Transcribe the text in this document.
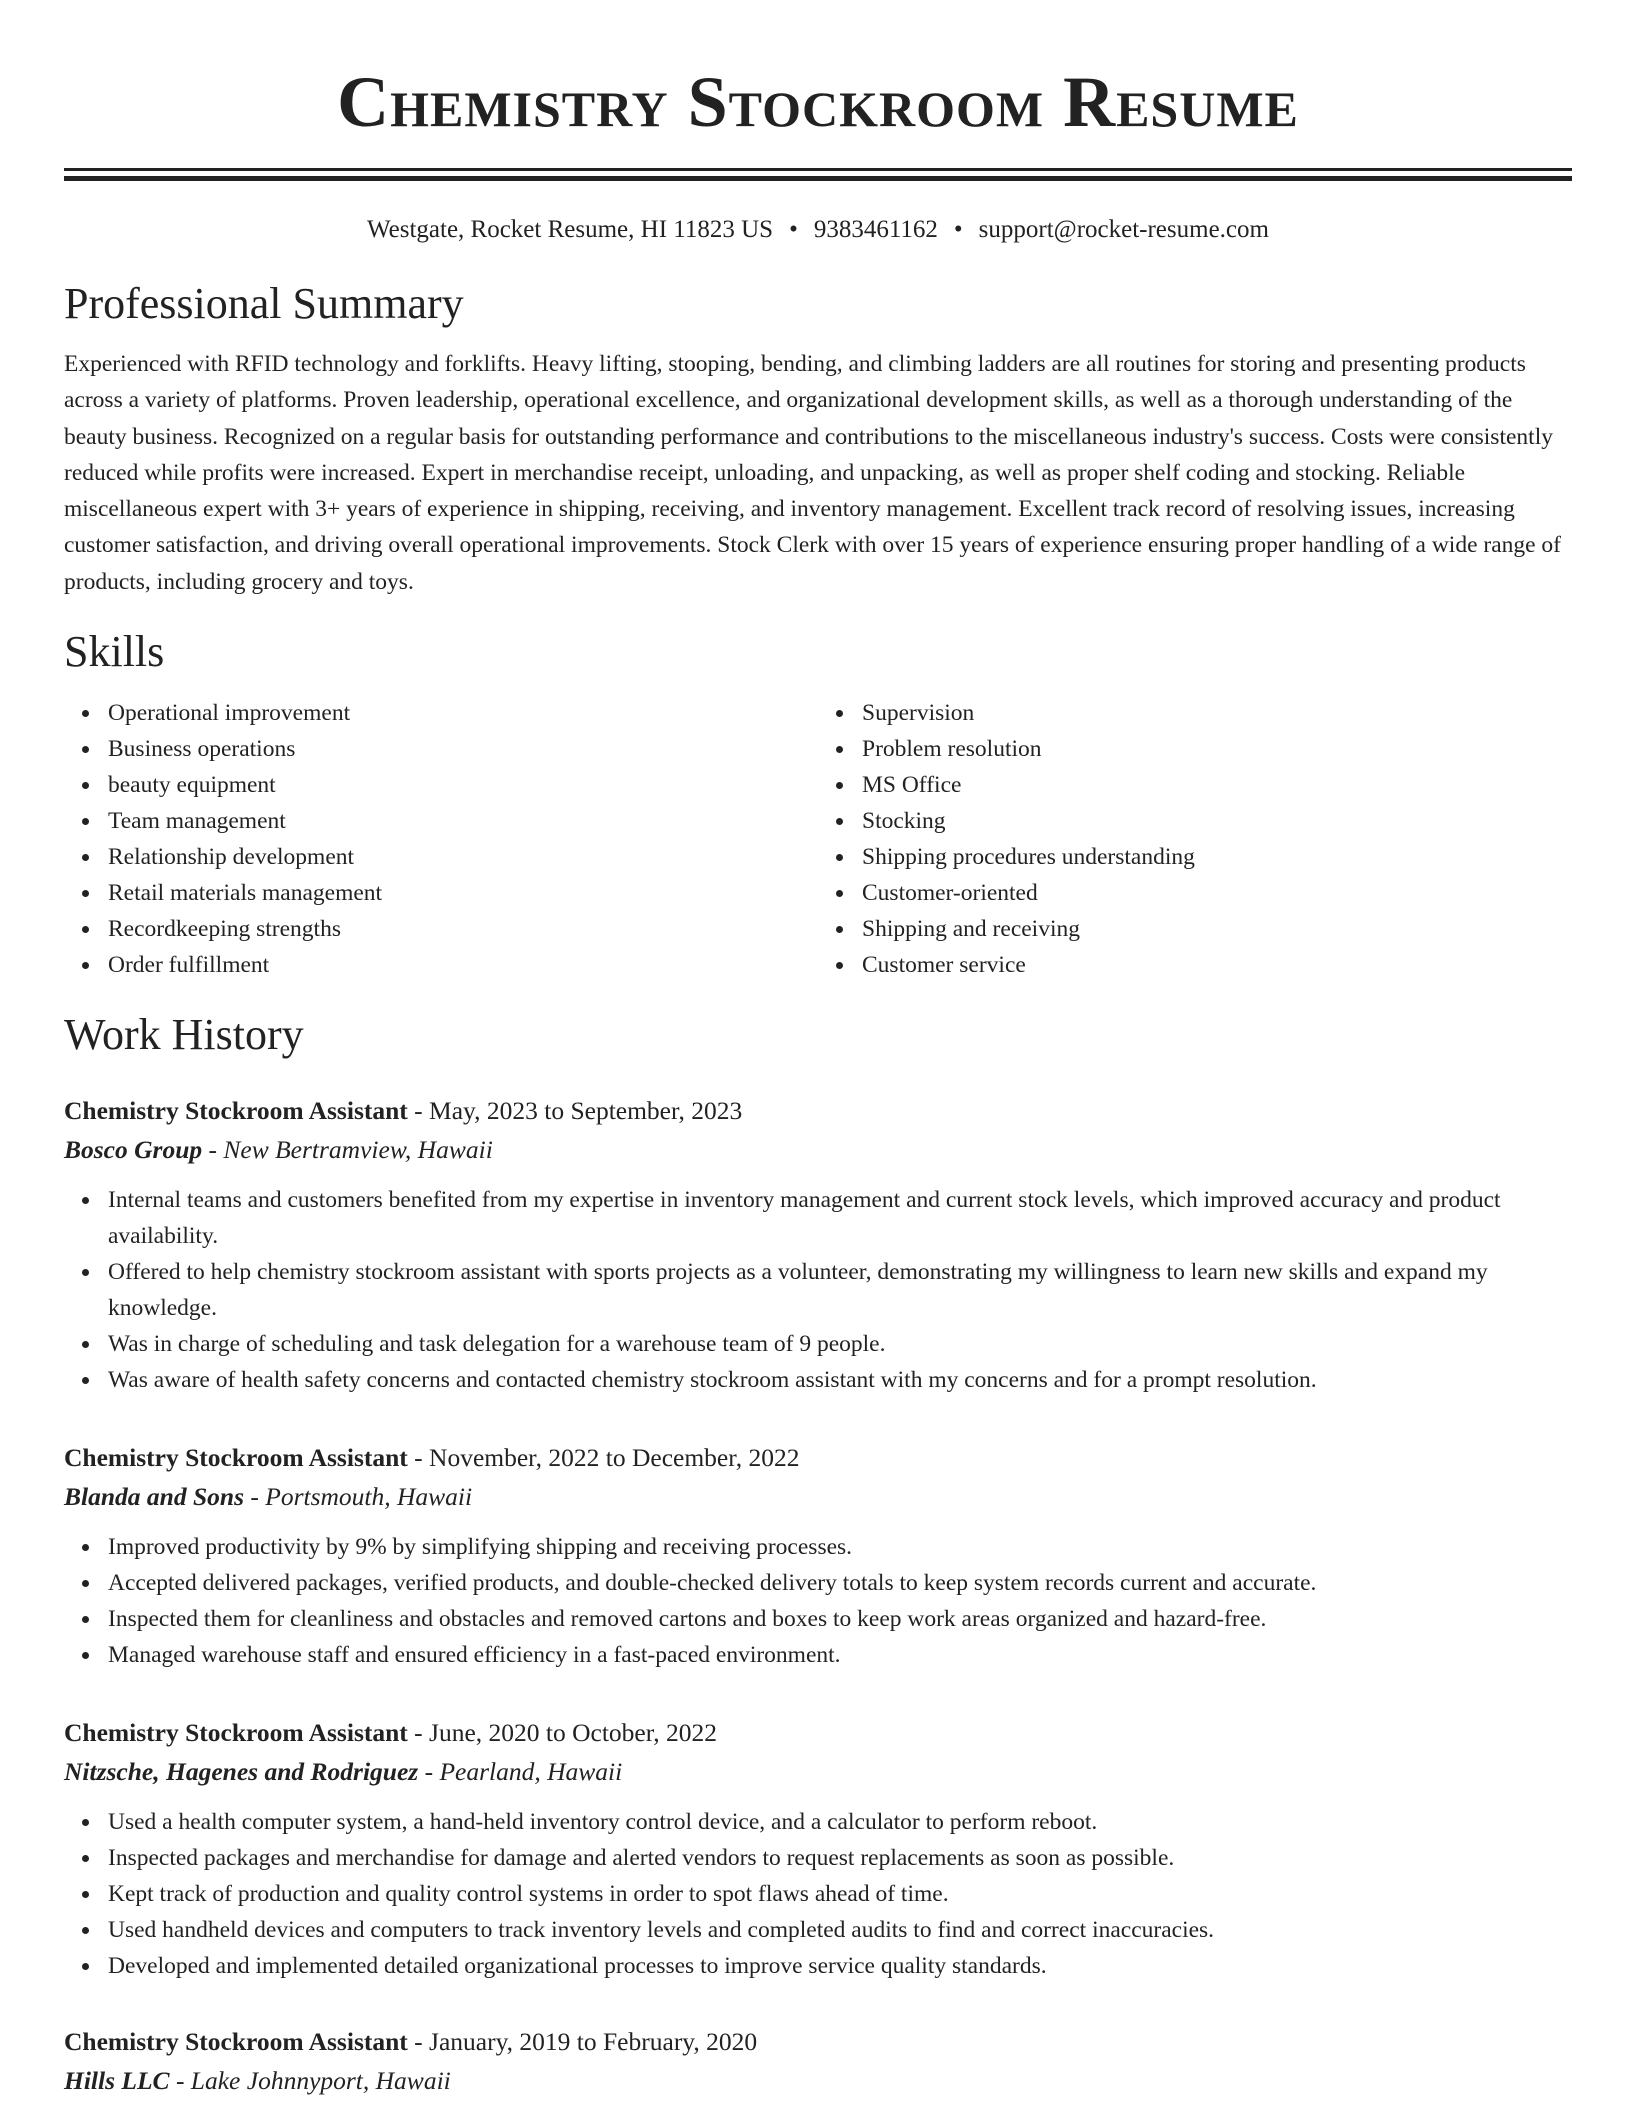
Chemistry Stockroom Resume
Westgate, Rocket Resume, HI 11823 US • 9383461162 • support@rocket-resume.com
Professional Summary

Experienced with RFID technology and forklifts. Heavy lifting, stooping, bending, and climbing ladders are all routines for storing and presenting products across a variety of platforms. Proven leadership, operational excellence, and organizational development skills, as well as a thorough understanding of the beauty business. Recognized on a regular basis for outstanding performance and contributions to the miscellaneous industry's success. Costs were consistently reduced while profits were increased. Expert in merchandise receipt, unloading, and unpacking, as well as proper shelf coding and stocking. Reliable miscellaneous expert with 3+ years of experience in shipping, receiving, and inventory management. Excellent track record of resolving issues, increasing customer satisfaction, and driving overall operational improvements. Stock Clerk with over 15 years of experience ensuring proper handling of a wide range of products, including grocery and toys.

Skills
Operational improvement
Business operations
beauty equipment
Team management
Relationship development
Retail materials management
Recordkeeping strengths
Order fulfillment
Supervision
Problem resolution
MS Office
Stocking
Shipping procedures understanding
Customer-oriented
Shipping and receiving
Customer service
Work History

Chemistry Stockroom Assistant - May, 2023 to September, 2023

Bosco Group - New Bertramview, Hawaii

Internal teams and customers benefited from my expertise in inventory management and current stock levels, which improved accuracy and product availability.
Offered to help chemistry stockroom assistant with sports projects as a volunteer, demonstrating my willingness to learn new skills and expand my knowledge.
Was in charge of scheduling and task delegation for a warehouse team of 9 people.
Was aware of health safety concerns and contacted chemistry stockroom assistant with my concerns and for a prompt resolution.

Chemistry Stockroom Assistant - November, 2022 to December, 2022

Blanda and Sons - Portsmouth, Hawaii

Improved productivity by 9% by simplifying shipping and receiving processes.
Accepted delivered packages, verified products, and double-checked delivery totals to keep system records current and accurate.
Inspected them for cleanliness and obstacles and removed cartons and boxes to keep work areas organized and hazard-free.
Managed warehouse staff and ensured efficiency in a fast-paced environment.

Chemistry Stockroom Assistant - June, 2020 to October, 2022

Nitzsche, Hagenes and Rodriguez - Pearland, Hawaii

Used a health computer system, a hand-held inventory control device, and a calculator to perform reboot.
Inspected packages and merchandise for damage and alerted vendors to request replacements as soon as possible.
Kept track of production and quality control systems in order to spot flaws ahead of time.
Used handheld devices and computers to track inventory levels and completed audits to find and correct inaccuracies.
Developed and implemented detailed organizational processes to improve service quality standards.

Chemistry Stockroom Assistant - January, 2019 to February, 2020

Hills LLC - Lake Johnnyport, Hawaii
